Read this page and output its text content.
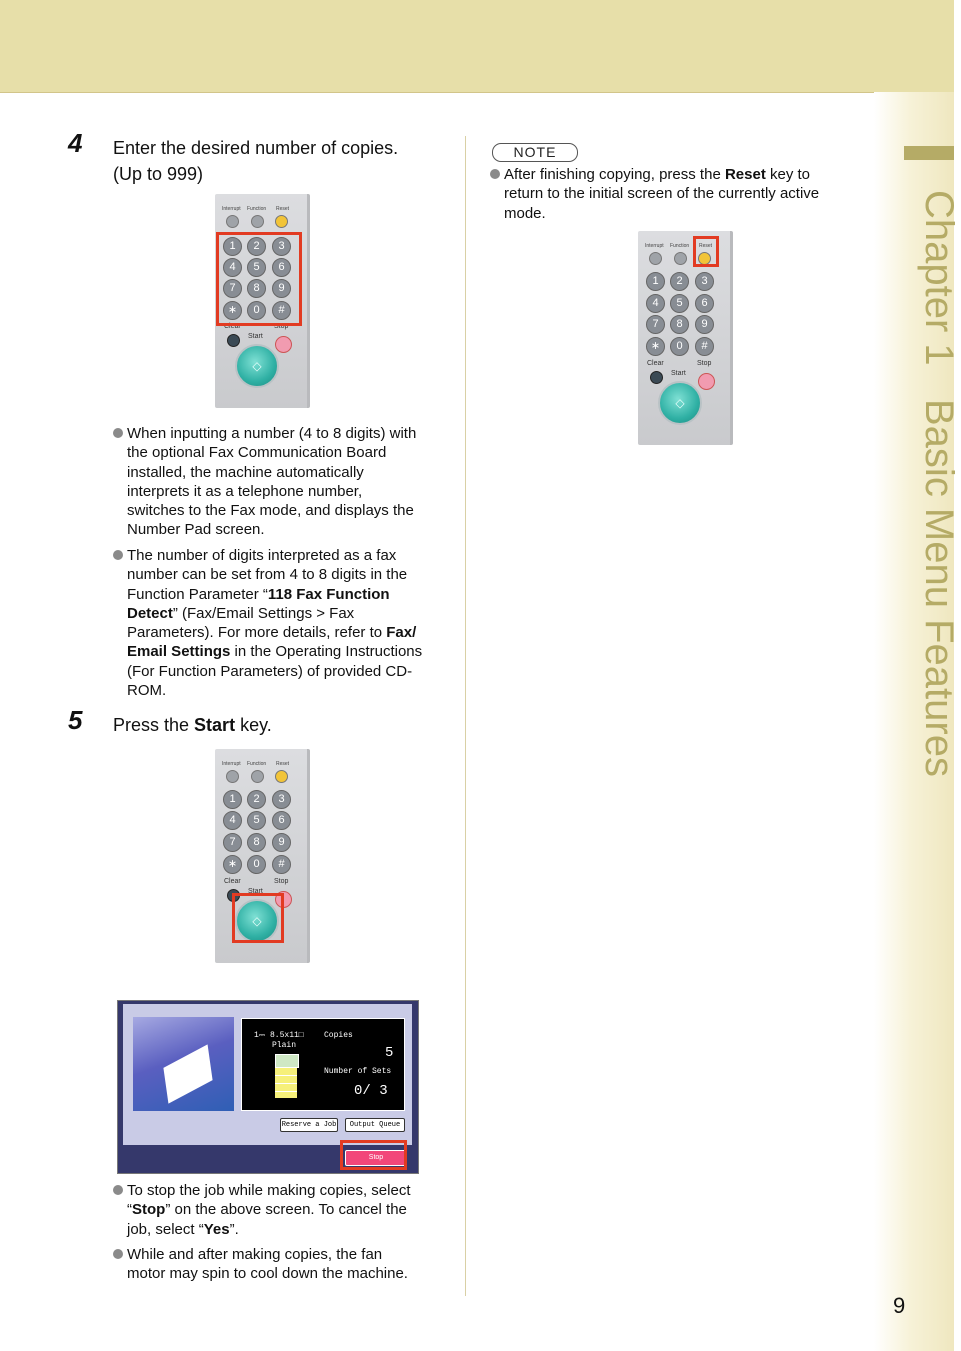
Chapter 1   Basic Menu Features
4 Enter the desired number of copies.
(Up to 999)
Interrupt Function Reset
1	2	3
4	5	6
7	8	9
∗	0	#
Clear	Stop
Start
◇
When inputting a number (4 to 8 digits) with
the optional Fax Communication Board
installed, the machine automatically
interprets it as a telephone number,
switches to the Fax mode, and displays the
Number Pad screen.
The number of digits interpreted as a fax
number can be set from 4 to 8 digits in the
Function Parameter “118 Fax Function
Detect” (Fax/Email Settings > Fax
Parameters). For more details, refer to Fax/
Email Settings in the Operating Instructions
(For Function Parameters) of provided CD-
ROM.
5 Press the Start key.
Interrupt Function Reset
1	2	3
4	5	6
7	8	9
∗	0	#
Clear	Stop
Start
◇
1⎓ 8.5x11□
Plain
Copies
5
Number of Sets
0/ 3
Reserve a Job	Output Queue
Stop
To stop the job while making copies, select
“Stop” on the above screen. To cancel the
job, select “Yes”.
While and after making copies, the fan
motor may spin to cool down the machine.
NOTE
After finishing copying, press the Reset key to
return to the initial screen of the currently active
mode.
Interrupt Function Reset
1	2	3
4	5	6
7	8	9
∗	0	#
Clear	Stop
Start
◇
9
